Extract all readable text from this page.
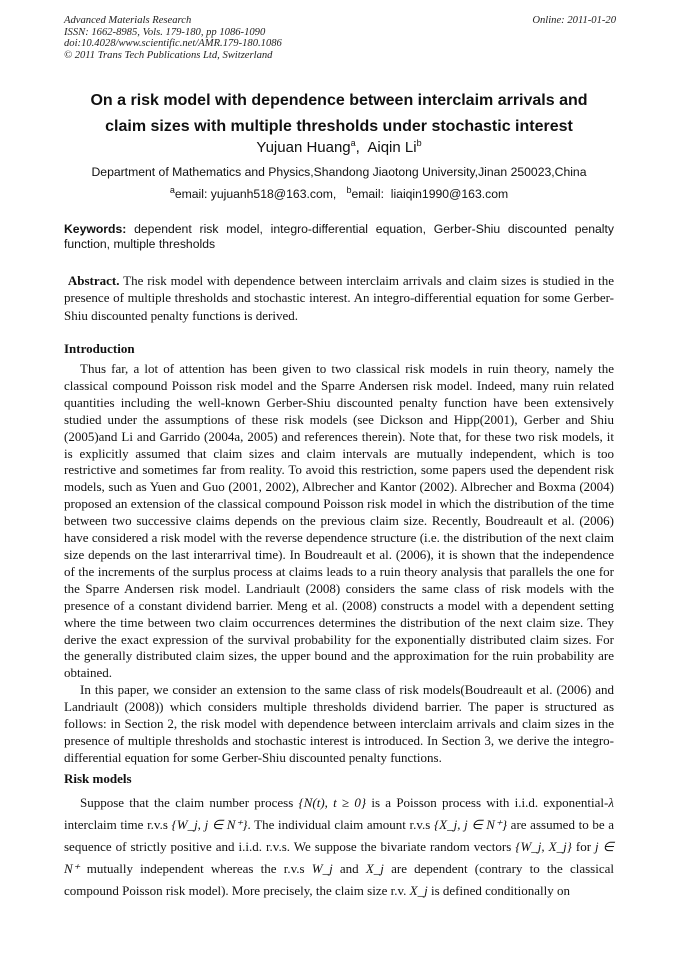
Advanced Materials Research
ISSN: 1662-8985, Vols. 179-180, pp 1086-1090
doi:10.4028/www.scientific.net/AMR.179-180.1086
© 2011 Trans Tech Publications Ltd, Switzerland
Online: 2011-01-20
On a risk model with dependence between interclaim arrivals and
claim sizes with multiple thresholds under stochastic interest
Yujuan Huang$^a$,  Aiqin Li$^b$
Department of Mathematics and Physics,Shandong Jiaotong University,Jinan 250023,China
$^a$email: yujuanh518@163.com, $^b$email:  liaiqin1990@163.com
Keywords: dependent risk model, integro-differential equation, Gerber-Shiu discounted penalty function, multiple thresholds
Abstract. The risk model with dependence between interclaim arrivals and claim sizes is studied in the presence of multiple thresholds and stochastic interest. An integro-differential equation for some Gerber-Shiu discounted penalty functions is derived.
Introduction

Thus far, a lot of attention has been given to two classical risk models in ruin theory, namely the classical compound Poisson risk model and the Sparre Andersen risk model. Indeed, many ruin related quantities including the well-known Gerber-Shiu discounted penalty function have been extensively studied under the assumptions of these risk models (see Dickson and Hipp(2001), Gerber and Shiu (2005)and Li and Garrido (2004a, 2005) and references therein). Note that, for these two risk models, it is explicitly assumed that claim sizes and claim intervals are mutually independent, which is too restrictive and sometimes far from reality. To avoid this restriction, some papers used the dependent risk models, such as Yuen and Guo (2001, 2002), Albrecher and Kantor (2002). Albrecher and Boxma (2004) proposed an extension of the classical compound Poisson risk model in which the distribution of the time between two successive claims depends on the previous claim size. Recently, Boudreault et al. (2006) have considered a risk model with the reverse dependence structure (i.e. the distribution of the next claim size depends on the last interarrival time). In Boudreault et al. (2006), it is shown that the independence of the increments of the surplus process at claims leads to a ruin theory analysis that parallels the one for the Sparre Andersen risk model. Landriault (2008) considers the same class of risk models with the presence of a constant dividend barrier. Meng et al. (2008) constructs a model with a dependent setting where the time between two claim occurrences determines the distribution of the next claim size. They derive the exact expression of the survival probability for the exponentially distributed claim sizes. For the generally distributed claim sizes, the upper bound and the approximation for the ruin probability are obtained.

In this paper, we consider an extension to the same class of risk models(Boudreault et al. (2006) and Landriault (2008)) which considers multiple thresholds dividend barrier. The paper is structured as follows: in Section 2, the risk model with dependence between interclaim arrivals and claim sizes in the presence of multiple thresholds and stochastic interest is introduced. In Section 3, we derive the integro-differential equation for some Gerber-Shiu discounted penalty functions.

Risk models

Suppose that the claim number process {N(t), t ≥ 0} is a Poisson process with i.i.d. exponential-λ interclaim time r.v.s {W_j, j ∈ N⁺}. The individual claim amount r.v.s {X_j, j ∈ N⁺} are assumed to be a sequence of strictly positive and i.i.d. r.v.s. We suppose the bivariate random vectors {W_j, X_j} for j ∈ N⁺ mutually independent whereas the r.v.s W_j and X_j are dependent (contrary to the classical compound Poisson risk model). More precisely, the claim size r.v. X_j is defined conditionally on
